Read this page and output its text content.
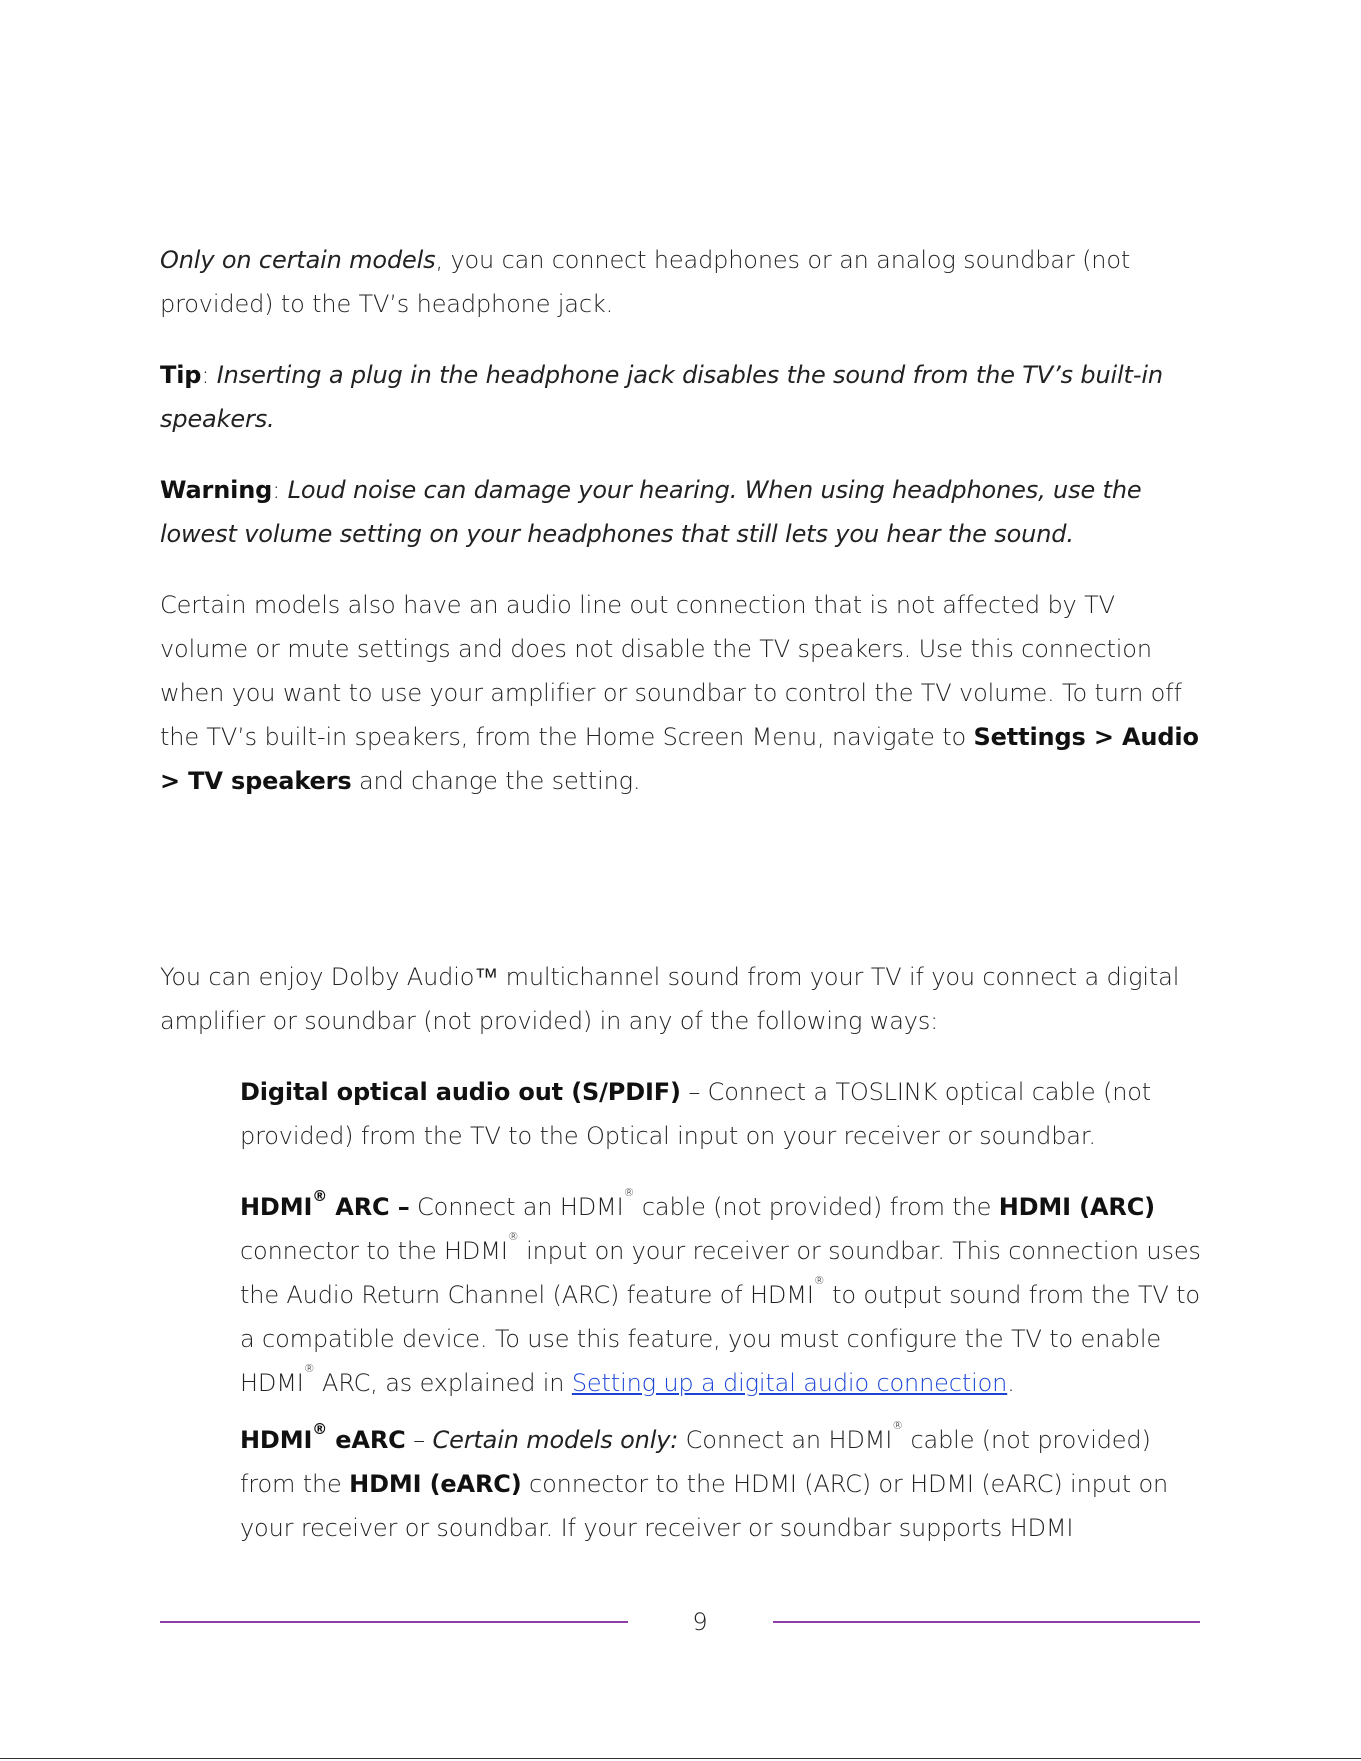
Only on certain models, you can connect headphones or an analog soundbar (not provided) to the TV’s headphone jack.

Tip: Inserting a plug in the headphone jack disables the sound from the TV’s built-in speakers.

Warning: Loud noise can damage your hearing. When using headphones, use the lowest volume setting on your headphones that still lets you hear the sound.

Certain models also have an audio line out connection that is not affected by TV volume or mute settings and does not disable the TV speakers. Use this connection when you want to use your amplifier or soundbar to control the TV volume. To turn off the TV’s built-in speakers, from the Home Screen Menu, navigate to Settings > Audio > TV speakers and change the setting.

You can enjoy Dolby Audio™ multichannel sound from your TV if you connect a digital amplifier or soundbar (not provided) in any of the following ways:

Digital optical audio out (S/PDIF) – Connect a TOSLINK optical cable (not provided) from the TV to the Optical input on your receiver or soundbar.

HDMI® ARC – Connect an HDMI® cable (not provided) from the HDMI (ARC) connector to the HDMI® input on your receiver or soundbar. This connection uses the Audio Return Channel (ARC) feature of HDMI® to output sound from the TV to a compatible device. To use this feature, you must configure the TV to enable HDMI® ARC, as explained in Setting up a digital audio connection.

HDMI® eARC – Certain models only: Connect an HDMI® cable (not provided) from the HDMI (eARC) connector to the HDMI (ARC) or HDMI (eARC) input on your receiver or soundbar. If your receiver or soundbar supports HDMI

9
